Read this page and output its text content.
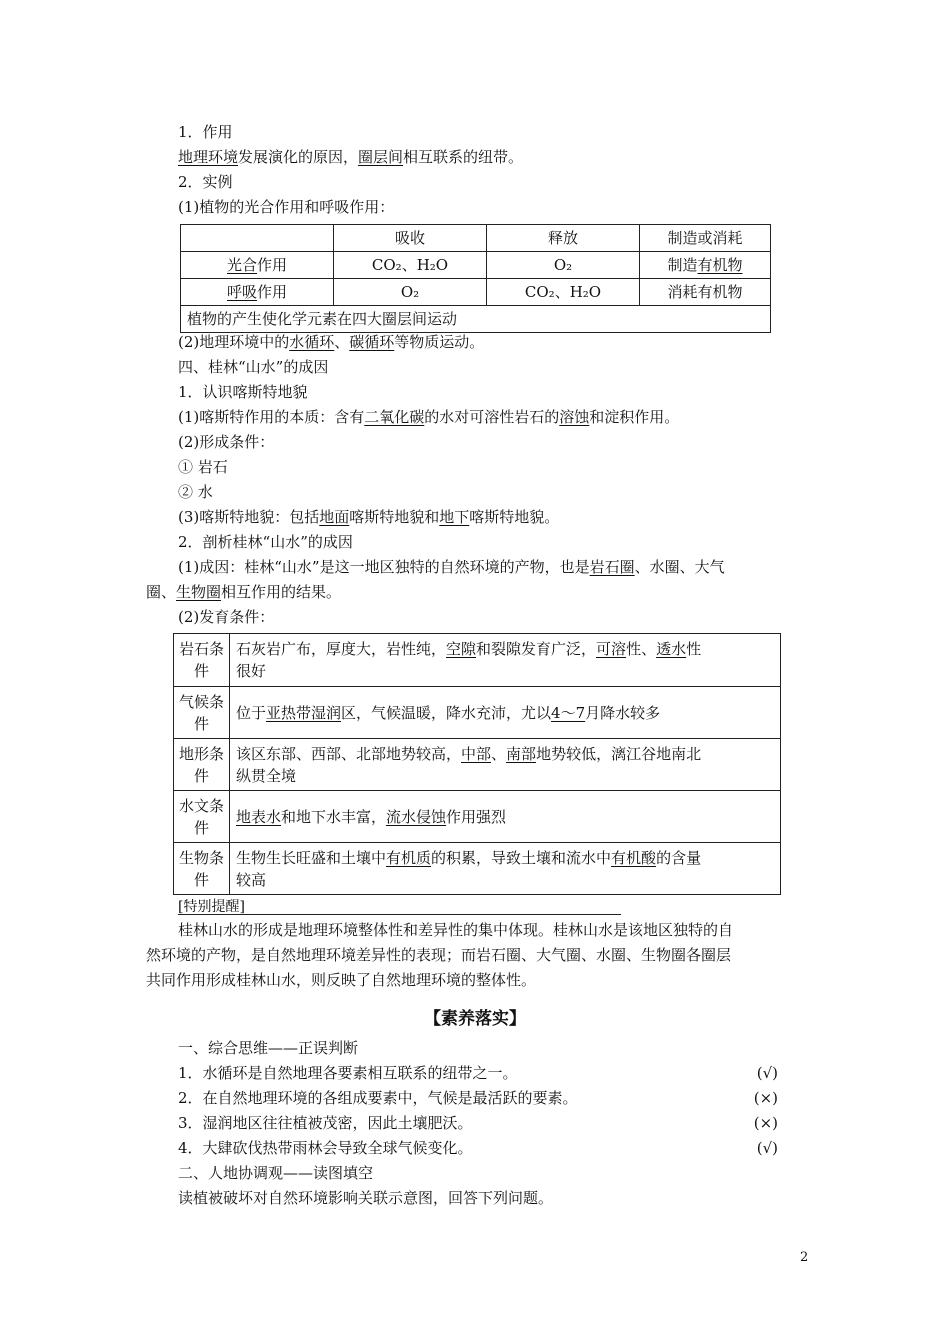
1．作用
地理环境发展演化的原因，圈层间相互联系的纽带。
2．实例
(1)植物的光合作用和呼吸作用：
	吸收	释放	制造或消耗
光合作用	CO₂、H₂O	O₂	制造有机物
呼吸作用	O₂	CO₂、H₂O	消耗有机物
植物的产生使化学元素在四大圈层间运动			
(2)地理环境中的水循环、碳循环等物质运动。
四、桂林“山水”的成因
1．认识喀斯特地貌
(1)喀斯特作用的本质：含有二氧化碳的水对可溶性岩石的溶蚀和淀积作用。
(2)形成条件：
① 岩石
② 水
(3)喀斯特地貌：包括地面喀斯特地貌和地下喀斯特地貌。
2．剖析桂林“山水”的成因
(1)成因：桂林“山水”是这一地区独特的自然环境的产物，也是岩石圈、水圈、大气
圈、生物圈相互作用的结果。
(2)发育条件：
岩石条
件	石灰岩广布，厚度大，岩性纯，空隙和裂隙发育广泛，可溶性、透水性
很好
气候条
件	位于亚热带湿润区，气候温暖，降水充沛，尤以4～7月降水较多
地形条
件	该区东部、西部、北部地势较高，中部、南部地势较低，漓江谷地南北
纵贯全境
水文条
件	地表水和地下水丰富，流水侵蚀作用强烈
生物条
件	生物生长旺盛和土壤中有机质的积累，导致土壤和流水中有机酸的含量
较高
[特别提醒]
桂林山水的形成是地理环境整体性和差异性的集中体现。桂林山水是该地区独特的自
然环境的产物，是自然地理环境差异性的表现；而岩石圈、大气圈、水圈、生物圈各圈层
共同作用形成桂林山水，则反映了自然地理环境的整体性。
【素养落实】
一、综合思维——正误判断
1．水循环是自然地理各要素相互联系的纽带之一。	(√)
2．在自然地理环境的各组成要素中，气候是最活跃的要素。	(×)
3．湿润地区往往植被茂密，因此土壤肥沃。	(×)
4．大肆砍伐热带雨林会导致全球气候变化。	(√)
二、人地协调观——读图填空
读植被破坏对自然环境影响关联示意图，回答下列问题。
2
